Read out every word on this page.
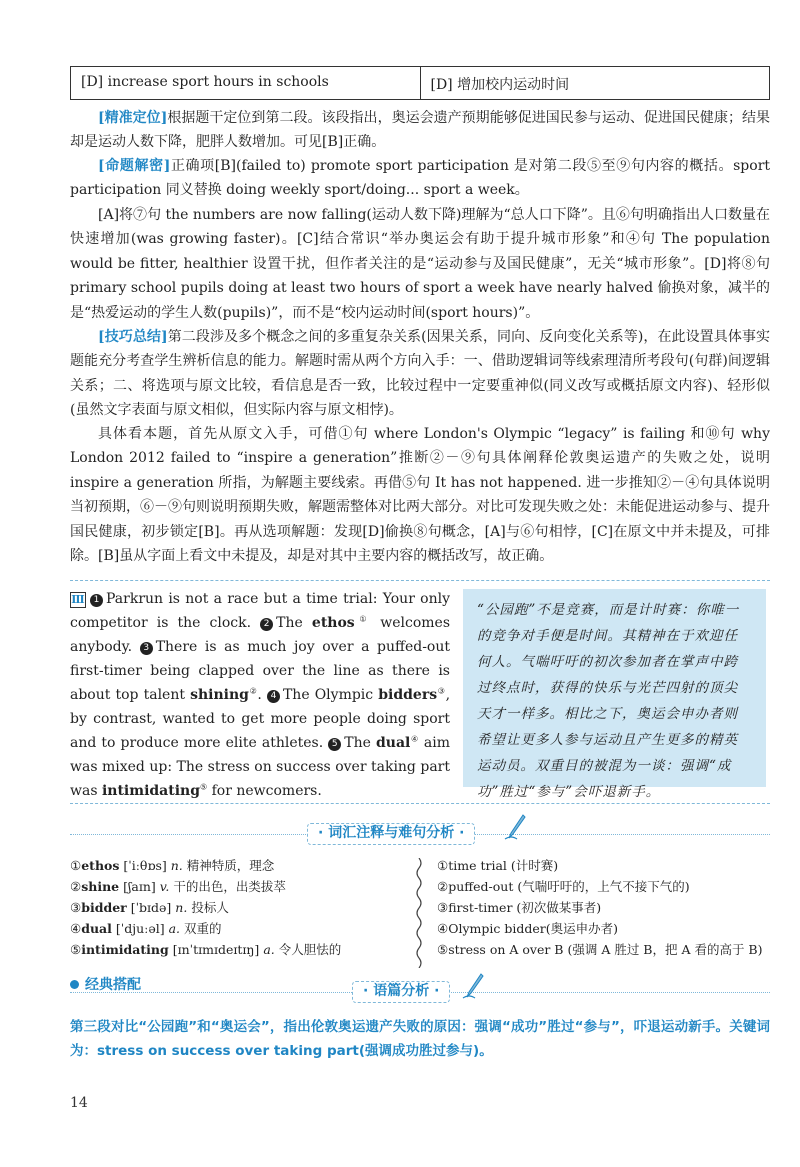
[D] increase sport hours in schools	[D] 增加校内运动时间
[精准定位]根据题干定位到第二段。该段指出，奥运会遗产预期能够促进国民参与运动、促进国民健康；结果却是运动人数下降，肥胖人数增加。可见[B]正确。
[命题解密]正确项[B](failed to) promote sport participation 是对第二段⑤至⑨句内容的概括。sport participation 同义替换 doing weekly sport/doing... sport a week。
[A]将⑦句 the numbers are now falling(运动人数下降)理解为“总人口下降”。且⑥句明确指出人口数量在快速增加(was growing faster)。[C]结合常识“举办奥运会有助于提升城市形象”和④句 The population would be fitter, healthier 设置干扰，但作者关注的是“运动参与及国民健康”，无关“城市形象”。[D]将⑧句 primary school pupils doing at least two hours of sport a week have nearly halved 偷换对象，减半的是“热爱运动的学生人数(pupils)”，而不是“校内运动时间(sport hours)”。
[技巧总结]第二段涉及多个概念之间的多重复杂关系(因果关系，同向、反向变化关系等)，在此设置具体事实题能充分考查学生辨析信息的能力。解题时需从两个方向入手：一、借助逻辑词等线索理清所考段句(句群)间逻辑关系；二、将选项与原文比较，看信息是否一致，比较过程中一定要重神似(同义改写或概括原文内容)、轻形似(虽然文字表面与原文相似，但实际内容与原文相悖)。
具体看本题，首先从原文入手，可借①句 where London's Olympic “legacy” is failing 和⑩句 why London 2012 failed to “inspire a generation”推断②－⑨句具体阐释伦敦奥运遗产的失败之处，说明 inspire a generation 所指，为解题主要线索。再借⑤句 It has not happened. 进一步推知②－④句具体说明当初预期，⑥－⑨句则说明预期失败，解题需整体对比两大部分。对比可发现失败之处：未能促进运动参与、提升国民健康，初步锁定[B]。再从选项解题：发现[D]偷换⑧句概念，[A]与⑥句相悖，[C]在原文中并未提及，可排除。[B]虽从字面上看文中未提及，却是对其中主要内容的概括改写，故正确。
Ⅲ 1 Parkrun is not a race but a time trial: Your only competitor is the clock. 2 The ethos① welcomes anybody. 3 There is as much joy over a puffed-out first-timer being clapped over the line as there is about top talent shining②. 4 The Olympic bidders③, by contrast, wanted to get more people doing sport and to produce more elite athletes. 5 The dual④ aim was mixed up: The stress on success over taking part was intimidating⑤ for newcomers.
“公园跑”不是竞赛，而是计时赛：你唯一的竞争对手便是时间。其精神在于欢迎任何人。气喘吁吁的初次参加者在掌声中跨过终点时，获得的快乐与光芒四射的顶尖天才一样多。相比之下，奥运会申办者则希望让更多人参与运动且产生更多的精英运动员。双重目的被混为一谈：强调“成功”胜过“参与”会吓退新手。
· 词汇注释与难句分析 ·
①ethos [ˈiːθɒs] n. 精神特质，理念
②shine [ʃaɪn] v. 干的出色，出类拔萃
③bidder [ˈbɪdə] n. 投标人
④dual [ˈdjuːəl] a. 双重的
⑤intimidating [ɪnˈtɪmɪdeɪtɪŋ] a. 令人胆怯的
①time trial (计时赛)
②puffed-out (气喘吁吁的，上气不接下气的)
③first-timer (初次做某事者)
④Olympic bidder(奥运申办者)
⑤stress on A over B (强调 A 胜过 B，把 A 看的高于 B)
经典搭配	· 语篇分析 ·
第三段对比“公园跑”和“奥运会”，指出伦敦奥运遗产失败的原因：强调“成功”胜过“参与”，吓退运动新手。关键词为：stress on success over taking part(强调成功胜过参与)。
14
